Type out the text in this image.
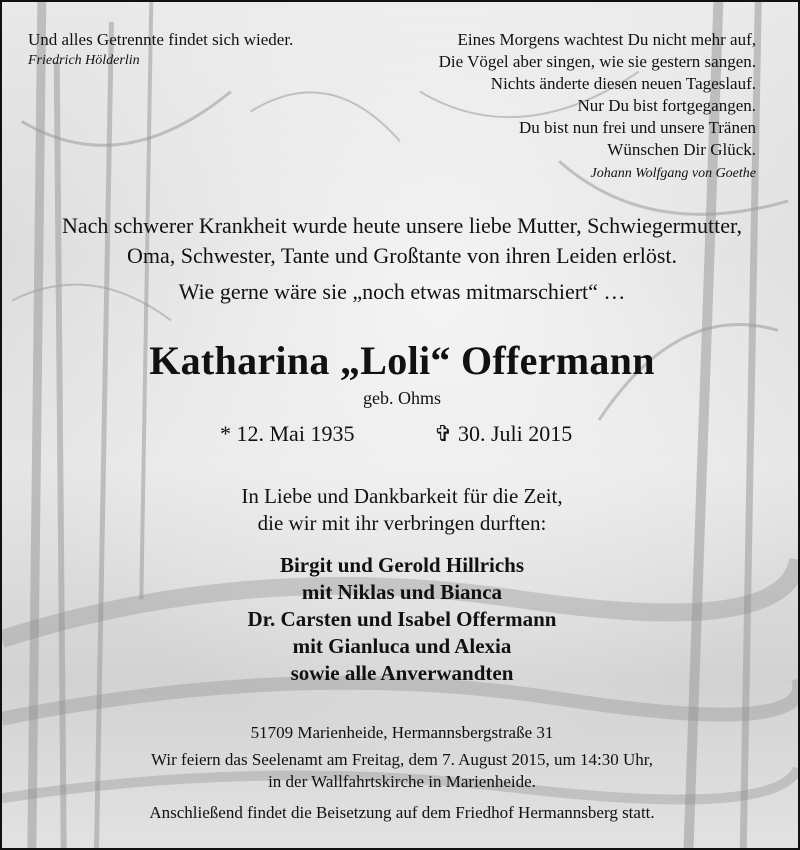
Und alles Getrennte findet sich wieder.
Friedrich Hölderlin
Eines Morgens wachtest Du nicht mehr auf,
Die Vögel aber singen, wie sie gestern sangen.
Nichts änderte diesen neuen Tageslauf.
Nur Du bist fortgegangen.
Du bist nun frei und unsere Tränen
Wünschen Dir Glück.
Johann Wolfgang von Goethe
Nach schwerer Krankheit wurde heute unsere liebe Mutter, Schwiegermutter,
Oma, Schwester, Tante und Großtante von ihren Leiden erlöst.
Wie gerne wäre sie „noch etwas mitmarschiert“ …
Katharina „Loli“ Offermann
geb. Ohms
* 12. Mai 1935	✞ 30. Juli 2015
In Liebe und Dankbarkeit für die Zeit,
die wir mit ihr verbringen durften:
Birgit und Gerold Hillrichs
mit Niklas und Bianca
Dr. Carsten und Isabel Offermann
mit Gianluca und Alexia
sowie alle Anverwandten
51709 Marienheide, Hermannsbergstraße 31
Wir feiern das Seelenamt am Freitag, dem 7. August 2015, um 14:30 Uhr,
in der Wallfahrtskirche in Marienheide.
Anschließend findet die Beisetzung auf dem Friedhof Hermannsberg statt.
